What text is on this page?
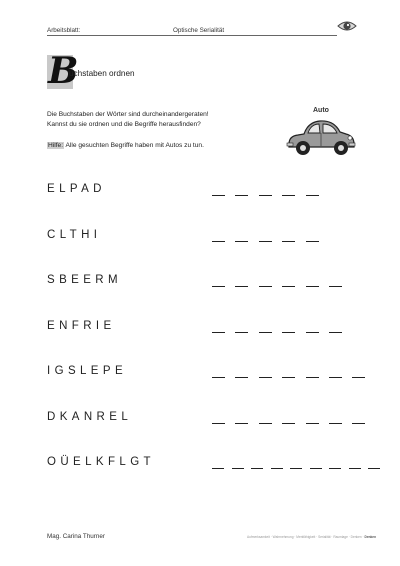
Arbeitsblatt:	Optische Serialität
B
uchstaben ordnen
Die Buchstaben der Wörter sind durcheinandergeraten!
Kannst du sie ordnen und die Begriffe herausfinden?
Hilfe: Alle gesuchten Begriffe haben mit Autos zu tun.
Auto
ELPAD
CLTHI
SBEERM
ENFRIE
IGSLEPE
DKANREL
OÜELKFLGT
Mag. Carina Thurner	Aufmerksamkeit · Wahrnehmung · Merkfähigkeit · Serialität · Raumlage · Denken · Denken
